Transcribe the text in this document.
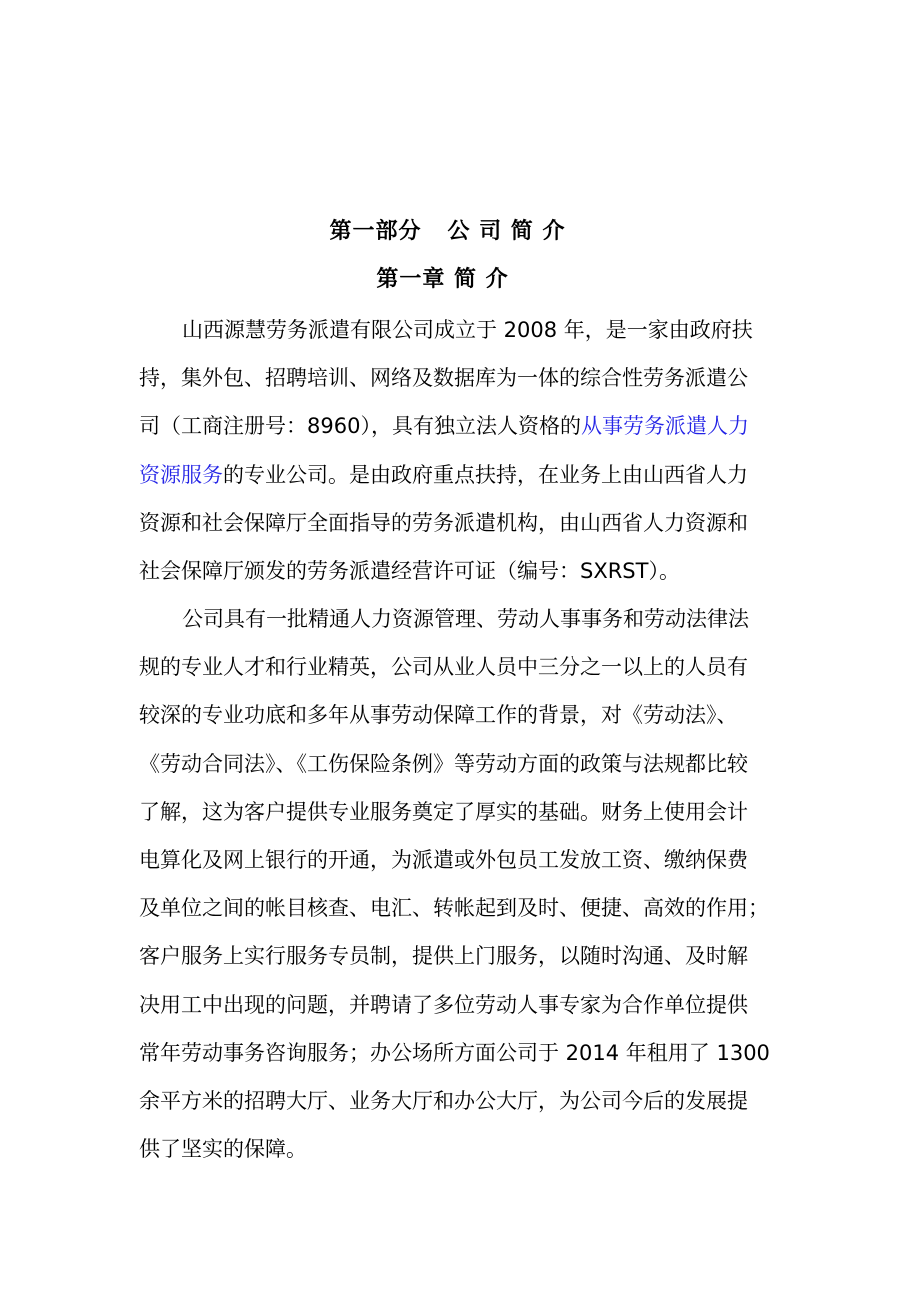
第一部分   公 司 简 介
第一章 简 介
山西源慧劳务派遣有限公司成立于 2008 年，是一家由政府扶
持，集外包、招聘培训、网络及数据库为一体的综合性劳务派遣公
司（工商注册号：8960），具有独立法人资格的从事劳务派遣人力
资源服务的专业公司。是由政府重点扶持，在业务上由山西省人力
资源和社会保障厅全面指导的劳务派遣机构，由山西省人力资源和
社会保障厅颁发的劳务派遣经营许可证（编号：SXRST）。
公司具有一批精通人力资源管理、劳动人事事务和劳动法律法
规的专业人才和行业精英，公司从业人员中三分之一以上的人员有
较深的专业功底和多年从事劳动保障工作的背景，对《劳动法》、
《劳动合同法》、《工伤保险条例》等劳动方面的政策与法规都比较
了解，这为客户提供专业服务奠定了厚实的基础。财务上使用会计
电算化及网上银行的开通，为派遣或外包员工发放工资、缴纳保费
及单位之间的帐目核查、电汇、转帐起到及时、便捷、高效的作用；
客户服务上实行服务专员制，提供上门服务，以随时沟通、及时解
决用工中出现的问题，并聘请了多位劳动人事专家为合作单位提供
常年劳动事务咨询服务；办公场所方面公司于 2014 年租用了 1300
余平方米的招聘大厅、业务大厅和办公大厅，为公司今后的发展提
供了坚实的保障。
